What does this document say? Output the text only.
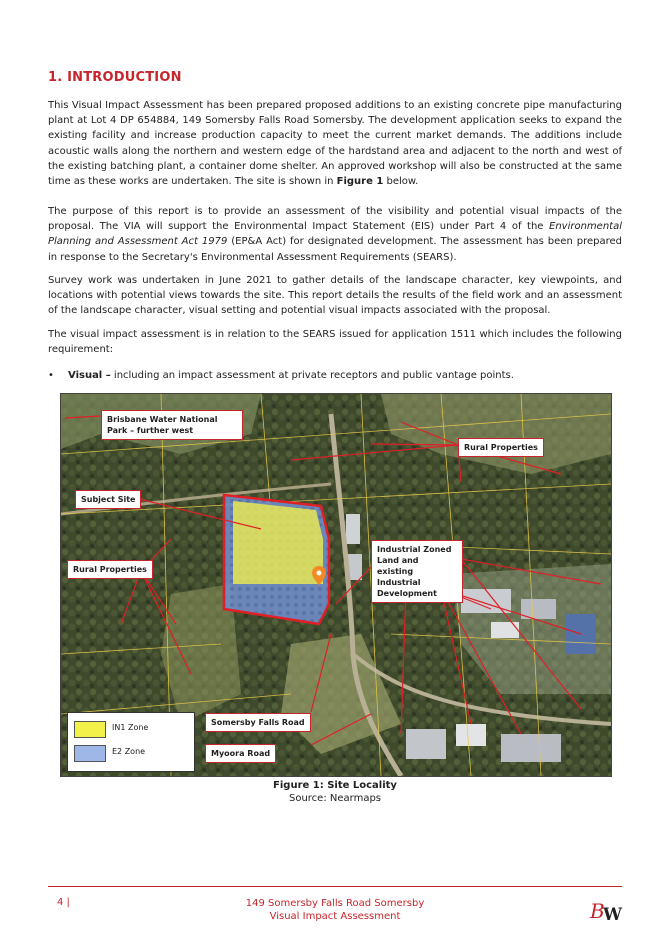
1. INTRODUCTION

This Visual Impact Assessment has been prepared proposed additions to an existing concrete pipe manufacturing plant at Lot 4 DP 654884, 149 Somersby Falls Road Somersby. The development application seeks to expand the existing facility and increase production capacity to meet the current market demands. The additions include acoustic walls along the northern and western edge of the hardstand area and adjacent to the north and west of the existing batching plant, a container dome shelter. An approved workshop will also be constructed at the same time as these works are undertaken. The site is shown in Figure 1 below.

The purpose of this report is to provide an assessment of the visibility and potential visual impacts of the proposal. The VIA will support the Environmental Impact Statement (EIS) under Part 4 of the Environmental Planning and Assessment Act 1979 (EP&A Act) for designated development. The assessment has been prepared in response to the Secretary's Environmental Assessment Requirements (SEARS).

Survey work was undertaken in June 2021 to gather details of the landscape character, key viewpoints, and locations with potential views towards the site. This report details the results of the field work and an assessment of the landscape character, visual setting and potential visual impacts associated with the proposal.

The visual impact assessment is in relation to the SEARS issued for application 1511 which includes the following requirement:

• Visual – including an impact assessment at private receptors and public vantage points.
Brisbane Water National Park – further west
Rural Properties
Subject Site
Industrial Zoned Land and existing Industrial Development
Rural Properties
Somersby Falls Road
Myoora Road
IN1 Zone
E2 Zone
Figure 1: Site Locality
Source: Nearmaps
4 |	149 Somersby Falls Road Somersby
Visual Impact Assessment	B
W
